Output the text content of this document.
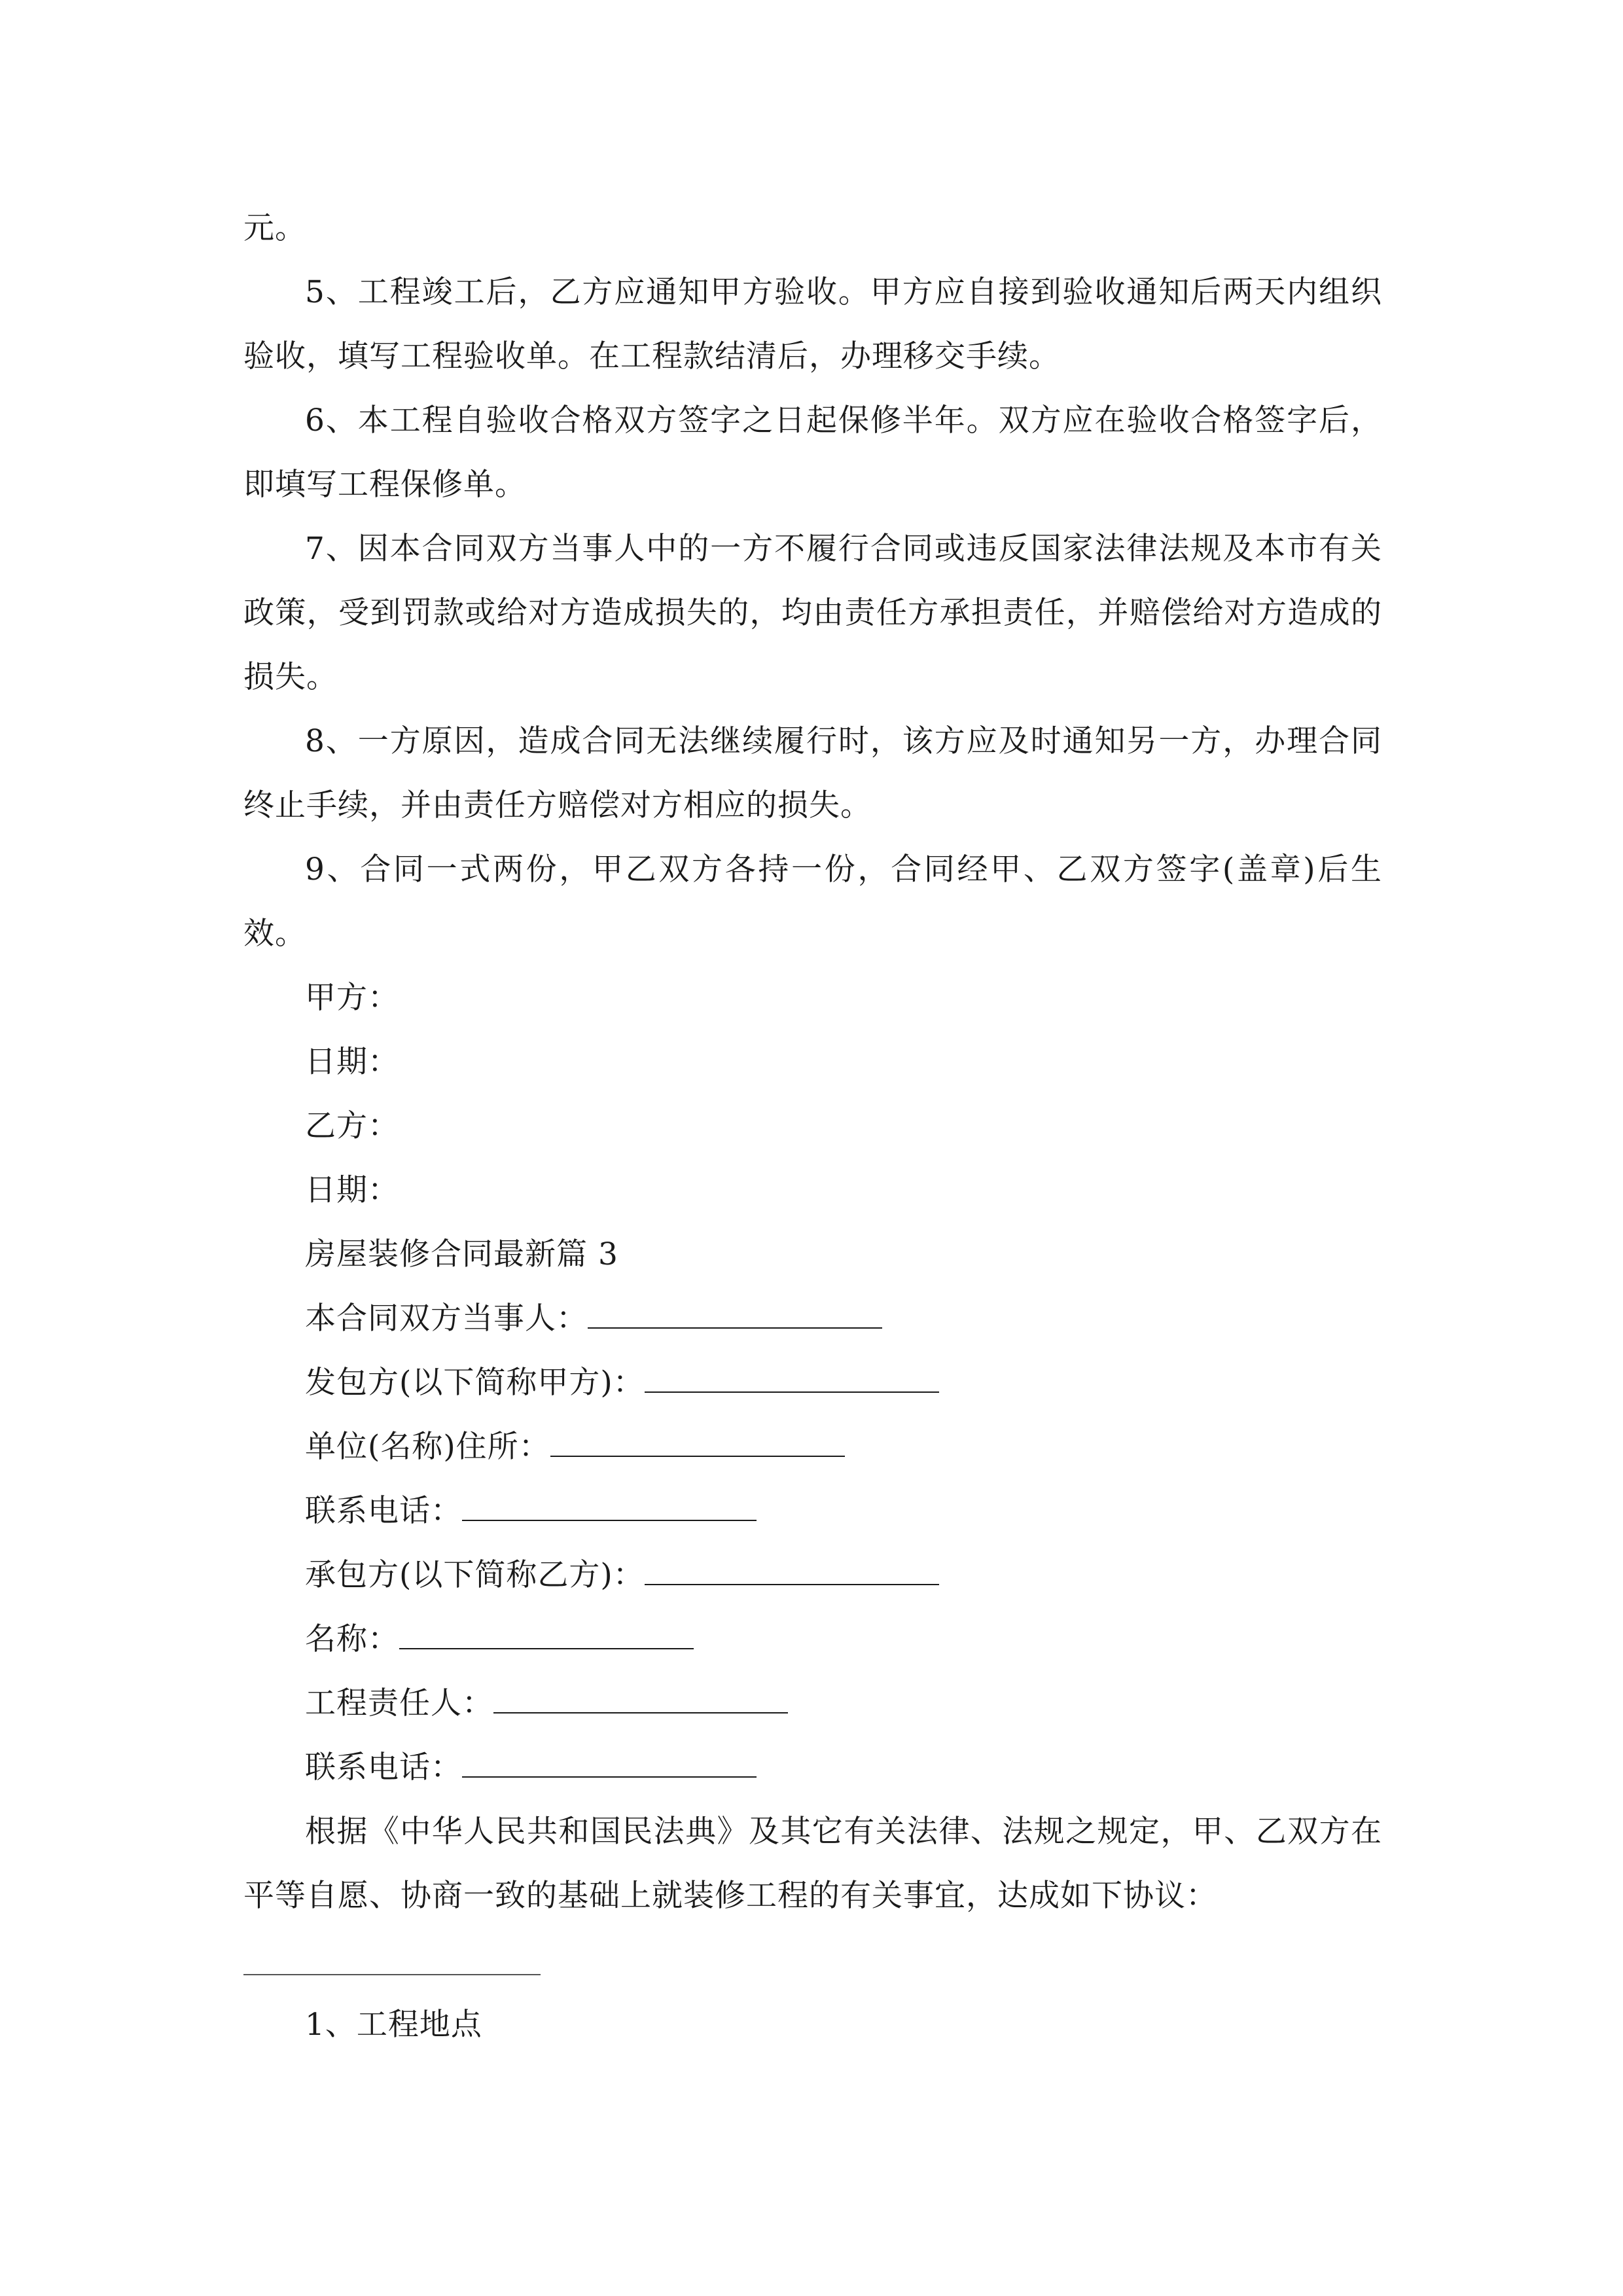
元。

5、工程竣工后，乙方应通知甲方验收。甲方应自接到验收通知后两天内组织验收，填写工程验收单。在工程款结清后，办理移交手续。

6、本工程自验收合格双方签字之日起保修半年。双方应在验收合格签字后，即填写工程保修单。

7、因本合同双方当事人中的一方不履行合同或违反国家法律法规及本市有关政策，受到罚款或给对方造成损失的，均由责任方承担责任，并赔偿给对方造成的损失。

8、一方原因，造成合同无法继续履行时，该方应及时通知另一方，办理合同终止手续，并由责任方赔偿对方相应的损失。

9、合同一式两份，甲乙双方各持一份，合同经甲、乙双方签字(盖章)后生效。

甲方：

日期：

乙方：

日期：

房屋装修合同最新篇 3

本合同双方当事人：

发包方(以下简称甲方)：

单位(名称)住所：

联系电话：

承包方(以下简称乙方)：

名称：

工程责任人：

联系电话：

根据《中华人民共和国民法典》及其它有关法律、法规之规定，甲、乙双方在平等自愿、协商一致的基础上就装修工程的有关事宜，达成如下协议：

1、工程地点
